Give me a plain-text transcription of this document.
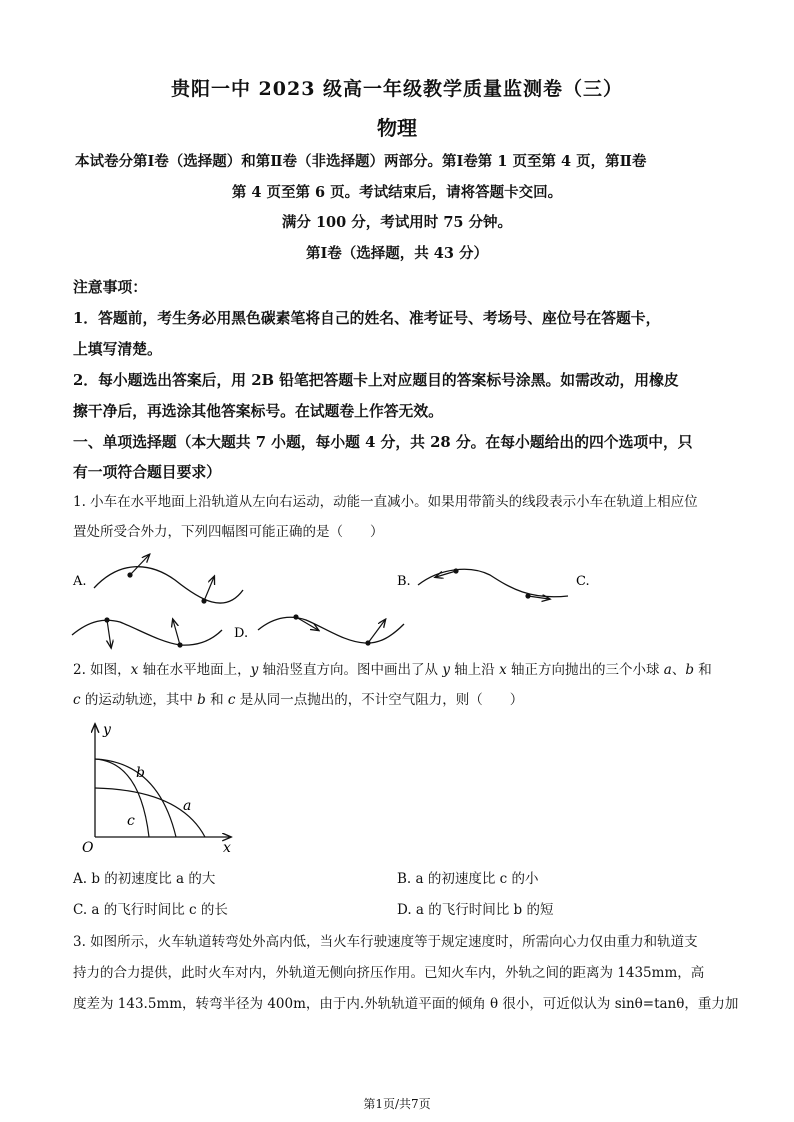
贵阳一中 2023 级高一年级教学质量监测卷（三）
物理
本试卷分第Ⅰ卷（选择题）和第Ⅱ卷（非选择题）两部分。第Ⅰ卷第 1 页至第 4 页，第Ⅱ卷
第 4 页至第 6 页。考试结束后，请将答题卡交回。
满分 100 分，考试用时 75 分钟。
第Ⅰ卷（选择题，共 43 分）
注意事项：
1．答题前，考生务必用黑色碳素笔将自己的姓名、准考证号、考场号、座位号在答题卡，
上填写清楚。
2．每小题选出答案后，用 2B 铅笔把答题卡上对应题目的答案标号涂黑。如需改动，用橡皮
擦干净后，再选涂其他答案标号。在试题卷上作答无效。
一、单项选择题（本大题共 7 小题，每小题 4 分，共 28 分。在每小题给出的四个选项中，只
有一项符合题目要求）
1. 小车在水平地面上沿轨道从左向右运动，动能一直减小。如果用带箭头的线段表示小车在轨道上相应位
置处所受合外力，下列四幅图可能正确的是（　　）
A.	B.	C.
D.
2. 如图，x 轴在水平地面上，y 轴沿竖直方向。图中画出了从 y 轴上沿 x 轴正方向抛出的三个小球 a、b 和
c 的运动轨迹，其中 b 和 c 是从同一点抛出的，不计空气阻力，则（　　）
y
x
O
b
a
c
A. b 的初速度比 a 的大	B. a 的初速度比 c 的小
C. a 的飞行时间比 c 的长	D. a 的飞行时间比 b 的短
3. 如图所示，火车轨道转弯处外高内低，当火车行驶速度等于规定速度时，所需向心力仅由重力和轨道支
持力的合力提供，此时火车对内，外轨道无侧向挤压作用。已知火车内，外轨之间的距离为 1435mm，高
度差为 143.5mm，转弯半径为 400m，由于内.外轨轨道平面的倾角 θ 很小，可近似认为 sinθ=tanθ，重力加
第1页/共7页
